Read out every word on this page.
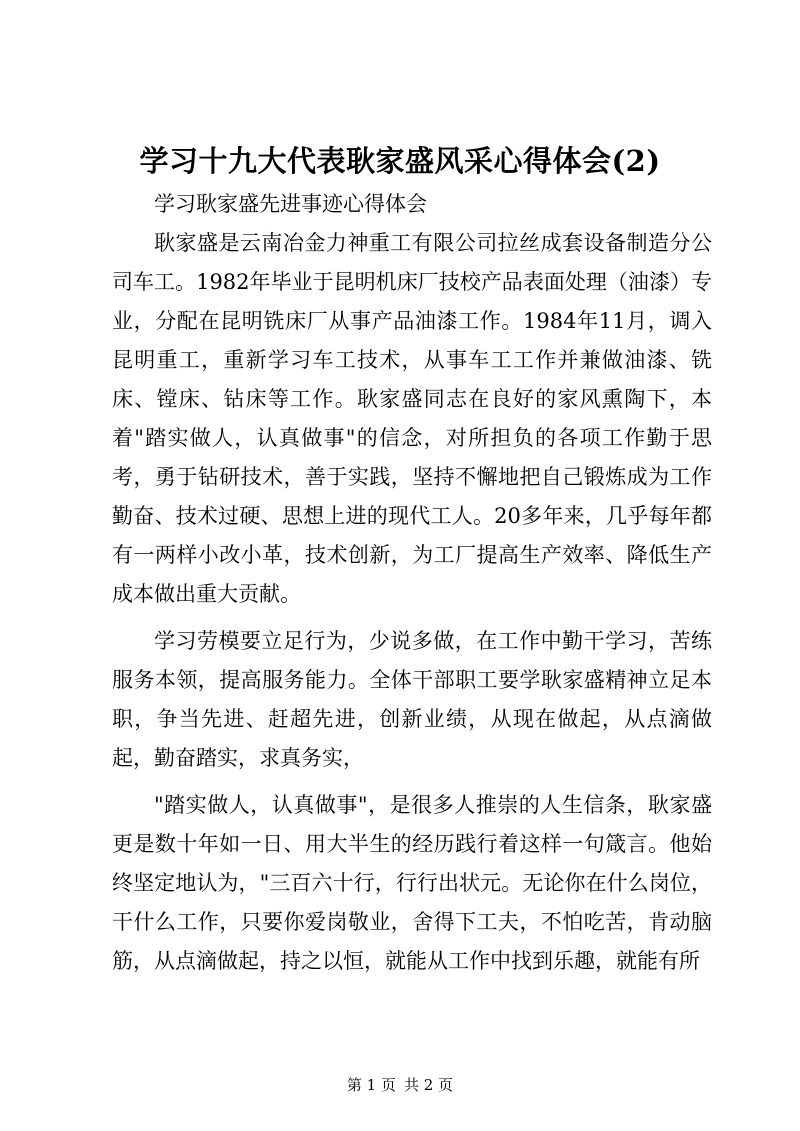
学习十九大代表耿家盛风采心得体会(2)

学习耿家盛先进事迹心得体会

耿家盛是云南冶金力神重工有限公司拉丝成套设备制造分公司车工。1982年毕业于昆明机床厂技校产品表面处理（油漆）专业，分配在昆明铣床厂从事产品油漆工作。1984年11月，调入昆明重工，重新学习车工技术，从事车工工作并兼做油漆、铣床、镗床、钻床等工作。耿家盛同志在良好的家风熏陶下，本着"踏实做人，认真做事"的信念，对所担负的各项工作勤于思考，勇于钻研技术，善于实践，坚持不懈地把自己锻炼成为工作勤奋、技术过硬、思想上进的现代工人。20多年来，几乎每年都有一两样小改小革，技术创新，为工厂提高生产效率、降低生产成本做出重大贡献。

学习劳模要立足行为，少说多做，在工作中勤干学习，苦练服务本领，提高服务能力。全体干部职工要学耿家盛精神立足本职，争当先进、赶超先进，创新业绩，从现在做起，从点滴做起，勤奋踏实，求真务实，

"踏实做人，认真做事"，是很多人推崇的人生信条，耿家盛更是数十年如一日、用大半生的经历践行着这样一句箴言。他始终坚定地认为，"三百六十行，行行出状元。无论你在什么岗位，干什么工作，只要你爱岗敬业，舍得下工夫，不怕吃苦，肯动脑筋，从点滴做起，持之以恒，就能从工作中找到乐趣，就能有所

第 1 页 共 2 页
